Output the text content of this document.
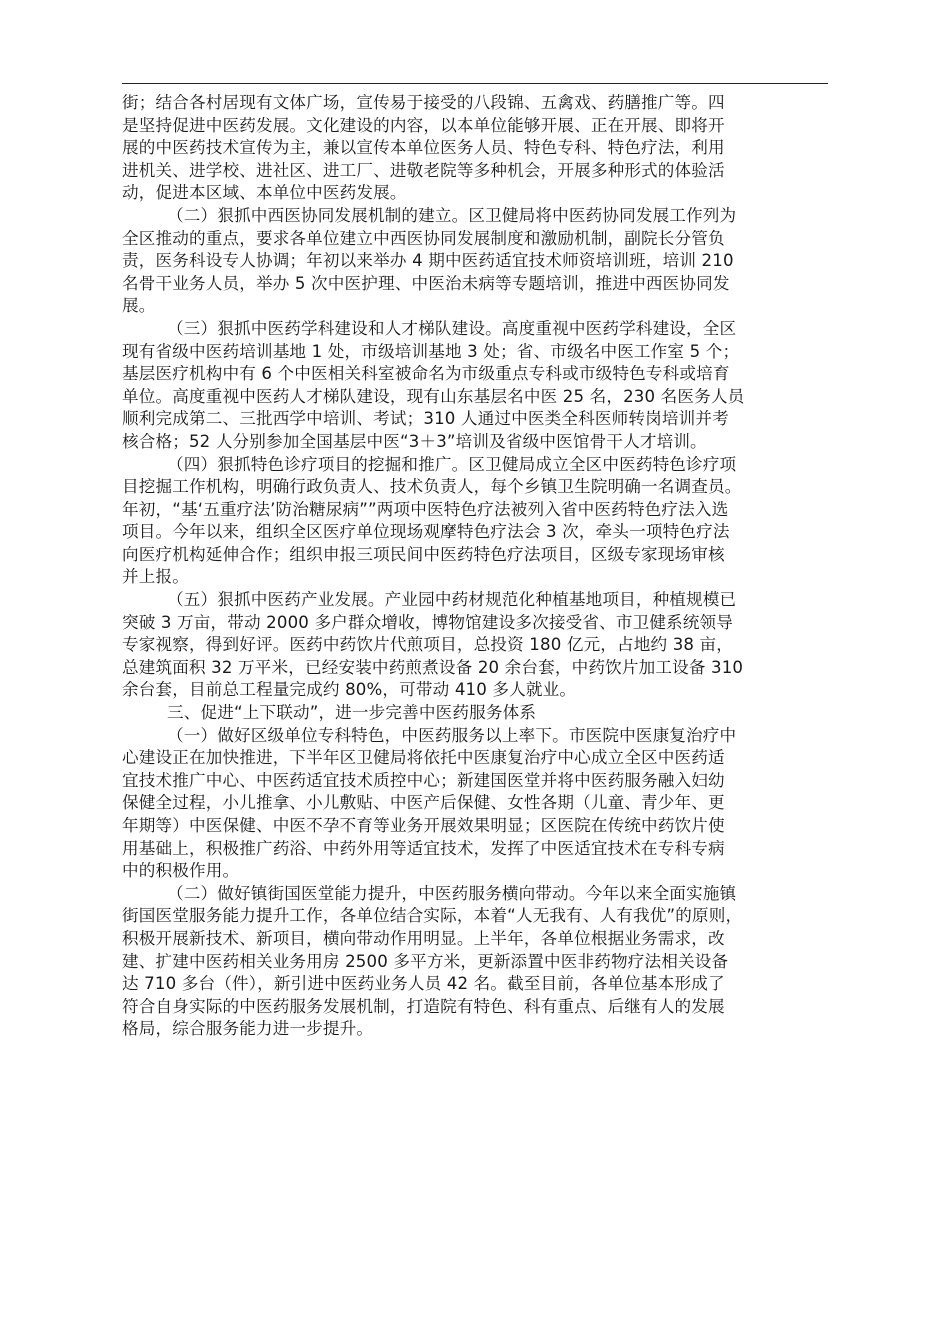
街；结合各村居现有文体广场，宣传易于接受的八段锦、五禽戏、药膳推广等。四
是坚持促进中医药发展。文化建设的内容，以本单位能够开展、正在开展、即将开
展的中医药技术宣传为主，兼以宣传本单位医务人员、特色专科、特色疗法，利用
进机关、进学校、进社区、进工厂、进敬老院等多种机会，开展多种形式的体验活
动，促进本区域、本单位中医药发展。
（二）狠抓中西医协同发展机制的建立。区卫健局将中医药协同发展工作列为
全区推动的重点，要求各单位建立中西医协同发展制度和激励机制，副院长分管负
责，医务科设专人协调；年初以来举办 4 期中医药适宜技术师资培训班，培训 210
名骨干业务人员，举办 5 次中医护理、中医治未病等专题培训，推进中西医协同发
展。
（三）狠抓中医药学科建设和人才梯队建设。高度重视中医药学科建设，全区
现有省级中医药培训基地 1 处，市级培训基地 3 处；省、市级名中医工作室 5 个；
基层医疗机构中有 6 个中医相关科室被命名为市级重点专科或市级特色专科或培育
单位。高度重视中医药人才梯队建设，现有山东基层名中医 25 名，230 名医务人员
顺利完成第二、三批西学中培训、考试；310 人通过中医类全科医师转岗培训并考
核合格；52 人分别参加全国基层中医“3＋3”培训及省级中医馆骨干人才培训。
（四）狠抓特色诊疗项目的挖掘和推广。区卫健局成立全区中医药特色诊疗项
目挖掘工作机构，明确行政负责人、技术负责人，每个乡镇卫生院明确一名调查员。
年初，“基‘五重疗法’防治糖尿病””两项中医特色疗法被列入省中医药特色疗法入选
项目。今年以来，组织全区医疗单位现场观摩特色疗法会 3 次，牵头一项特色疗法
向医疗机构延伸合作；组织申报三项民间中医药特色疗法项目，区级专家现场审核
并上报。
（五）狠抓中医药产业发展。产业园中药材规范化种植基地项目，种植规模已
突破 3 万亩，带动 2000 多户群众增收，博物馆建设多次接受省、市卫健系统领导
专家视察，得到好评。医药中药饮片代煎项目，总投资 180 亿元，占地约 38 亩，
总建筑面积 32 万平米，已经安装中药煎煮设备 20 余台套，中药饮片加工设备 310
余台套，目前总工程量完成约 80%，可带动 410 多人就业。
三、促进“上下联动”，进一步完善中医药服务体系
（一）做好区级单位专科特色，中医药服务以上率下。市医院中医康复治疗中
心建设正在加快推进，下半年区卫健局将依托中医康复治疗中心成立全区中医药适
宜技术推广中心、中医药适宜技术质控中心；新建国医堂并将中医药服务融入妇幼
保健全过程，小儿推拿、小儿敷贴、中医产后保健、女性各期（儿童、青少年、更
年期等）中医保健、中医不孕不育等业务开展效果明显；区医院在传统中药饮片使
用基础上，积极推广药浴、中药外用等适宜技术，发挥了中医适宜技术在专科专病
中的积极作用。
（二）做好镇街国医堂能力提升，中医药服务横向带动。今年以来全面实施镇
街国医堂服务能力提升工作，各单位结合实际，本着“人无我有、人有我优”的原则，
积极开展新技术、新项目，横向带动作用明显。上半年，各单位根据业务需求，改
建、扩建中医药相关业务用房 2500 多平方米，更新添置中医非药物疗法相关设备
达 710 多台（件），新引进中医药业务人员 42 名。截至目前，各单位基本形成了
符合自身实际的中医药服务发展机制，打造院有特色、科有重点、后继有人的发展
格局，综合服务能力进一步提升。
